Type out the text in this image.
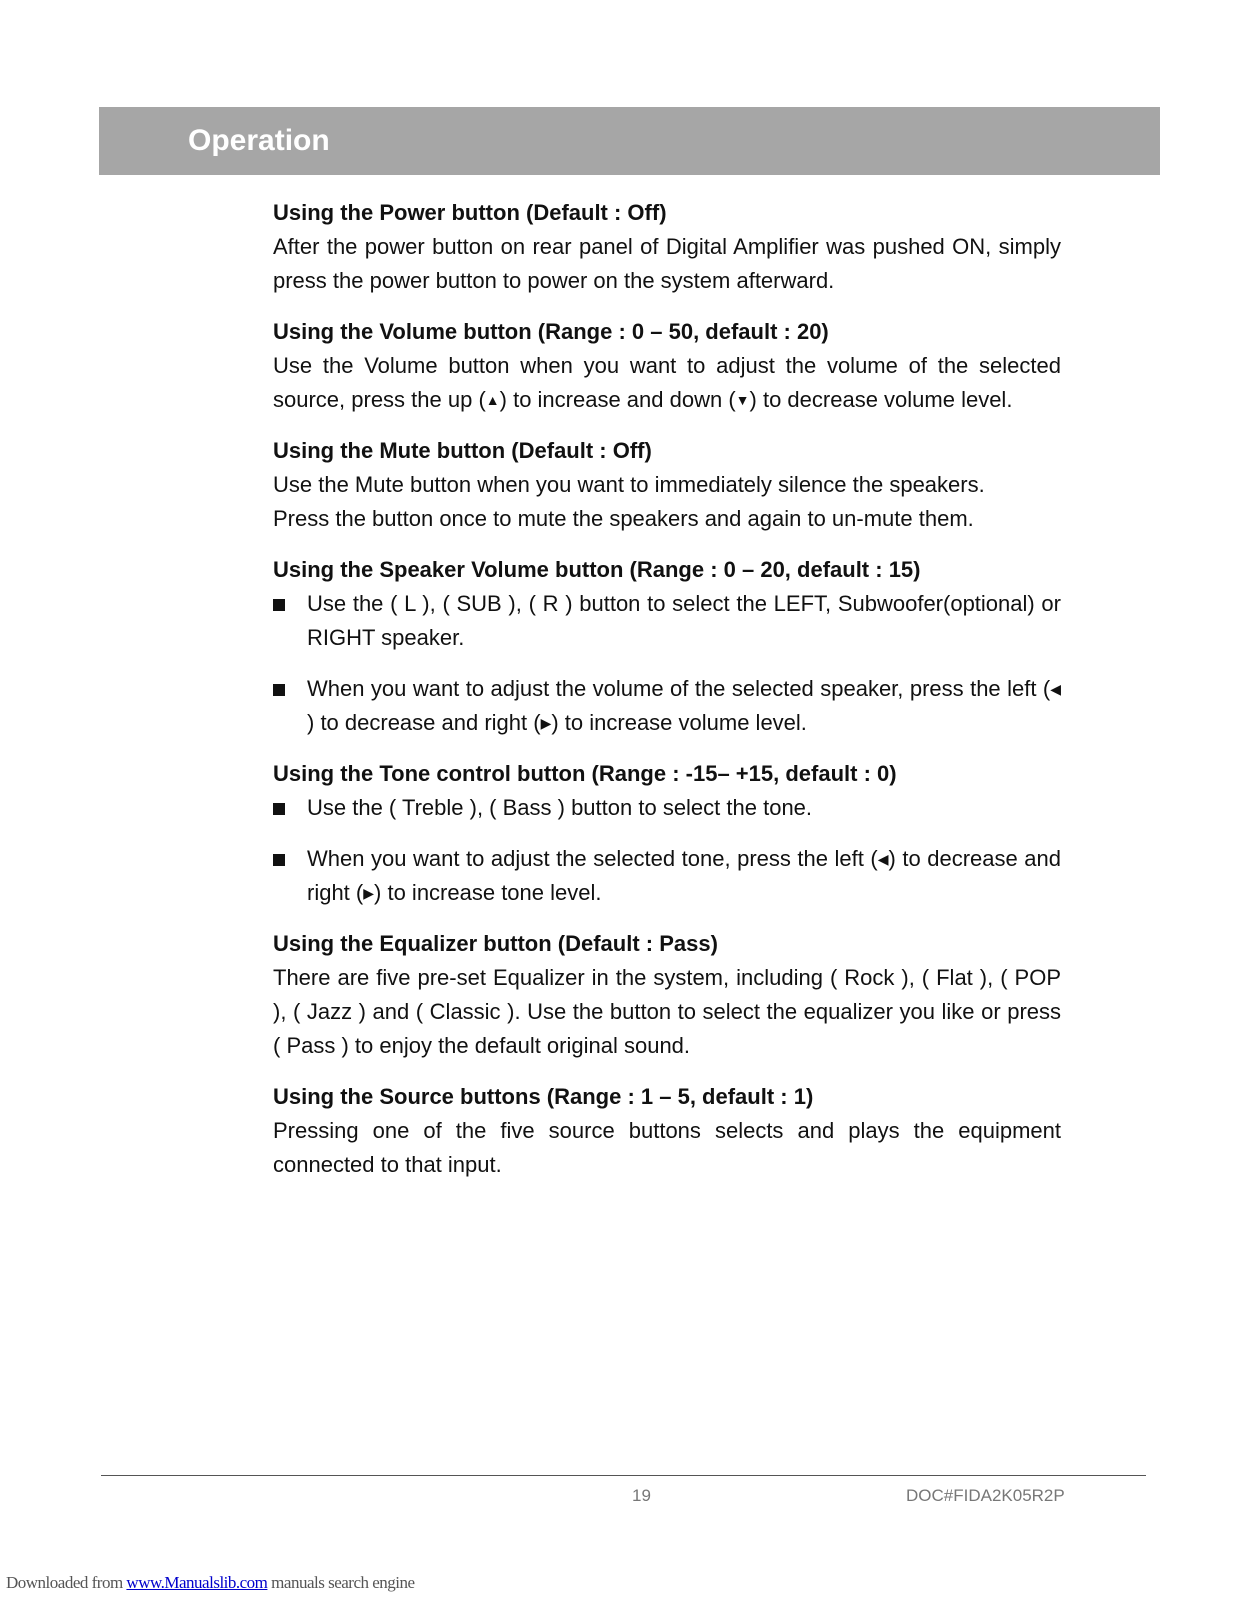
Operation

Using the Power button (Default : Off)

After the power button on rear panel of Digital Amplifier was pushed ON, simply press the power button to power on the system afterward.

Using the Volume button (Range : 0 – 50, default : 20)

Use the Volume button when you want to adjust the volume of the selected source, press the up (▲) to increase and down (▼) to decrease volume level.

Using the Mute button (Default : Off)

Use the Mute button when you want to immediately silence the speakers.

Press the button once to mute the speakers and again to un-mute them.

Using the Speaker Volume button (Range : 0 – 20, default : 15)

Use the ( L ), ( SUB ), ( R ) button to select the LEFT, Subwoofer(optional) or RIGHT speaker.
When you want to adjust the volume of the selected speaker, press the left (◀) to decrease and right (▶) to increase volume level.

Using the Tone control button (Range : -15– +15, default : 0)

Use the ( Treble ), ( Bass ) button to select the tone.
When you want to adjust the selected tone, press the left (◀) to decrease and right (▶) to increase tone level.

Using the Equalizer button (Default : Pass)

There are five pre-set Equalizer in the system, including ( Rock ), ( Flat ), ( POP ), ( Jazz ) and ( Classic ). Use the button to select the equalizer you like or press ( Pass ) to enjoy the default original sound.

Using the Source buttons (Range : 1 – 5, default : 1)

Pressing one of the five source buttons selects and plays the equipment connected to that input.

19	DOC#FIDA2K05R2P
Downloaded from www.Manualslib.com manuals search engine
